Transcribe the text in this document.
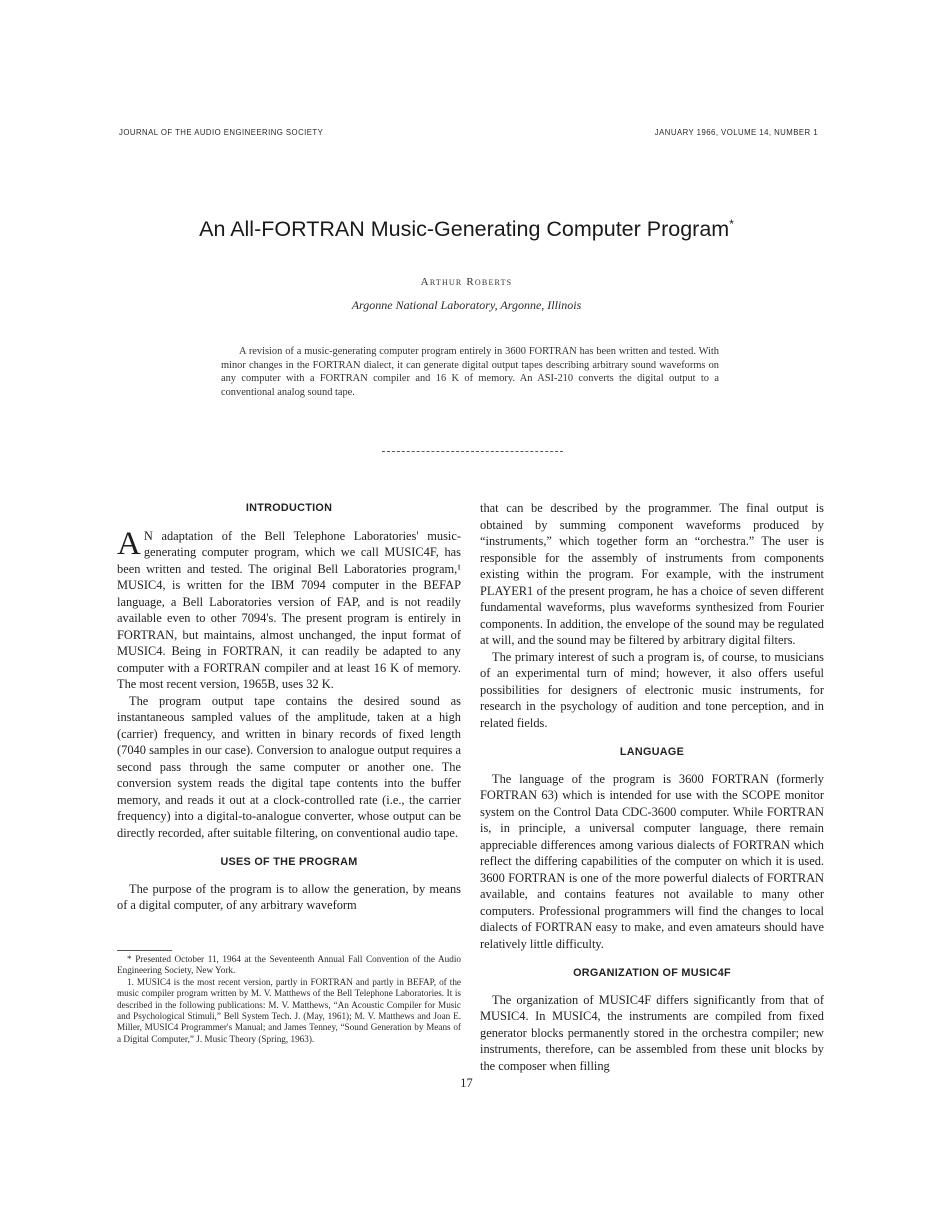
JOURNAL OF THE AUDIO ENGINEERING SOCIETY	JANUARY 1966, VOLUME 14, NUMBER 1
An All-FORTRAN Music-Generating Computer Program*
Arthur Roberts
Argonne National Laboratory, Argonne, Illinois
A revision of a music-generating computer program entirely in 3600 FORTRAN has been written and tested. With minor changes in the FORTRAN dialect, it can generate digital output tapes describing arbitrary sound waveforms on any computer with a FORTRAN compiler and 16 K of memory. An ASI-210 converts the digital output to a conventional analog sound tape.
INTRODUCTION

A N adaptation of the Bell Telephone Laboratories' music-generating computer program, which we call MUSIC4F, has been written and tested. The original Bell Laboratories program,¹ MUSIC4, is written for the IBM 7094 computer in the BEFAP language, a Bell Laboratories version of FAP, and is not readily available even to other 7094's. The present program is entirely in FORTRAN, but maintains, almost unchanged, the input format of MUSIC4. Being in FORTRAN, it can readily be adapted to any computer with a FORTRAN compiler and at least 16 K of memory. The most recent version, 1965B, uses 32 K.

The program output tape contains the desired sound as instantaneous sampled values of the amplitude, taken at a high (carrier) frequency, and written in binary records of fixed length (7040 samples in our case). Conversion to analogue output requires a second pass through the same computer or another one. The conversion system reads the digital tape contents into the buffer memory, and reads it out at a clock-controlled rate (i.e., the carrier frequency) into a digital-to-analogue converter, whose output can be directly recorded, after suitable filtering, on conventional audio tape.

USES OF THE PROGRAM

The purpose of the program is to allow the generation, by means of a digital computer, of any arbitrary waveform

* Presented October 11, 1964 at the Seventeenth Annual Fall Convention of the Audio Engineering Society, New York.

1. MUSIC4 is the most recent version, partly in FORTRAN and partly in BEFAP, of the music compiler program written by M. V. Matthews of the Bell Telephone Laboratories. It is described in the following publications: M. V. Matthews, “An Acoustic Compiler for Music and Psychological Stimuli,” Bell System Tech. J. (May, 1961); M. V. Matthews and Joan E. Miller, MUSIC4 Programmer's Manual; and James Tenney, “Sound Generation by Means of a Digital Computer,” J. Music Theory (Spring, 1963).

that can be described by the programmer. The final output is obtained by summing component waveforms produced by “instruments,” which together form an “orchestra.” The user is responsible for the assembly of instruments from components existing within the program. For example, with the instrument PLAYER1 of the present program, he has a choice of seven different fundamental waveforms, plus waveforms synthesized from Fourier components. In addition, the envelope of the sound may be regulated at will, and the sound may be filtered by arbitrary digital filters.

The primary interest of such a program is, of course, to musicians of an experimental turn of mind; however, it also offers useful possibilities for designers of electronic music instruments, for research in the psychology of audition and tone perception, and in related fields.

LANGUAGE

The language of the program is 3600 FORTRAN (formerly FORTRAN 63) which is intended for use with the SCOPE monitor system on the Control Data CDC-3600 computer. While FORTRAN is, in principle, a universal computer language, there remain appreciable differences among various dialects of FORTRAN which reflect the differing capabilities of the computer on which it is used. 3600 FORTRAN is one of the more powerful dialects of FORTRAN available, and contains features not available to many other computers. Professional programmers will find the changes to local dialects of FORTRAN easy to make, and even amateurs should have relatively little difficulty.

ORGANIZATION OF MUSIC4F

The organization of MUSIC4F differs significantly from that of MUSIC4. In MUSIC4, the instruments are compiled from fixed generator blocks permanently stored in the orchestra compiler; new instruments, therefore, can be assembled from these unit blocks by the composer when filling

17
